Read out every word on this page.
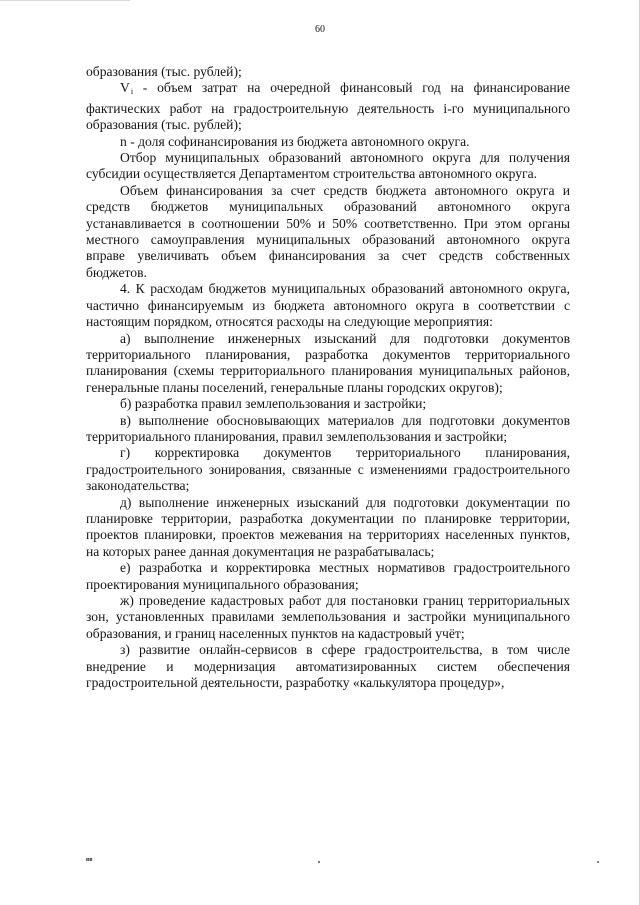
60

образования (тыс. рублей);

$V_i$ - объем затрат на очередной финансовый год на финансирование фактических работ на градостроительную деятельность i-го муниципального образования (тыс. рублей);

n - доля софинансирования из бюджета автономного округа.

Отбор муниципальных образований автономного округа для получения субсидии осуществляется Департаментом строительства автономного округа.

Объем финансирования за счет средств бюджета автономного округа и средств бюджетов муниципальных образований автономного округа устанавливается в соотношении 50% и 50% соответственно. При этом органы местного самоуправления муниципальных образований автономного округа вправе увеличивать объем финансирования за счет средств собственных бюджетов.

4. К расходам бюджетов муниципальных образований автономного округа, частично финансируемым из бюджета автономного округа в соответствии с настоящим порядком, относятся расходы на следующие мероприятия:

а) выполнение инженерных изысканий для подготовки документов территориального планирования, разработка документов территориального планирования (схемы территориального планирования муниципальных районов, генеральные планы поселений, генеральные планы городских округов);

б) разработка правил землепользования и застройки;

в) выполнение обосновывающих материалов для подготовки документов территориального планирования, правил землепользования и застройки;

г) корректировка документов территориального планирования, градостроительного зонирования, связанные с изменениями градостроительного законодательства;

д) выполнение инженерных изысканий для подготовки документации по планировке территории, разработка документации по планировке территории, проектов планировки, проектов межевания на территориях населенных пунктов, на которых ранее данная документация не разрабатывалась;

е) разработка и корректировка местных нормативов градостроительного проектирования муниципального образования;

ж) проведение кадастровых работ для постановки границ территориальных зон, установленных правилами землепользования и застройки муниципального образования, и границ населенных пунктов на кадастровый учёт;

з) развитие онлайн-сервисов в сфере градостроительства, в том числе внедрение и модернизация автоматизированных систем обеспечения градостроительной деятельности, разработку «калькулятора процедур»,

вв
